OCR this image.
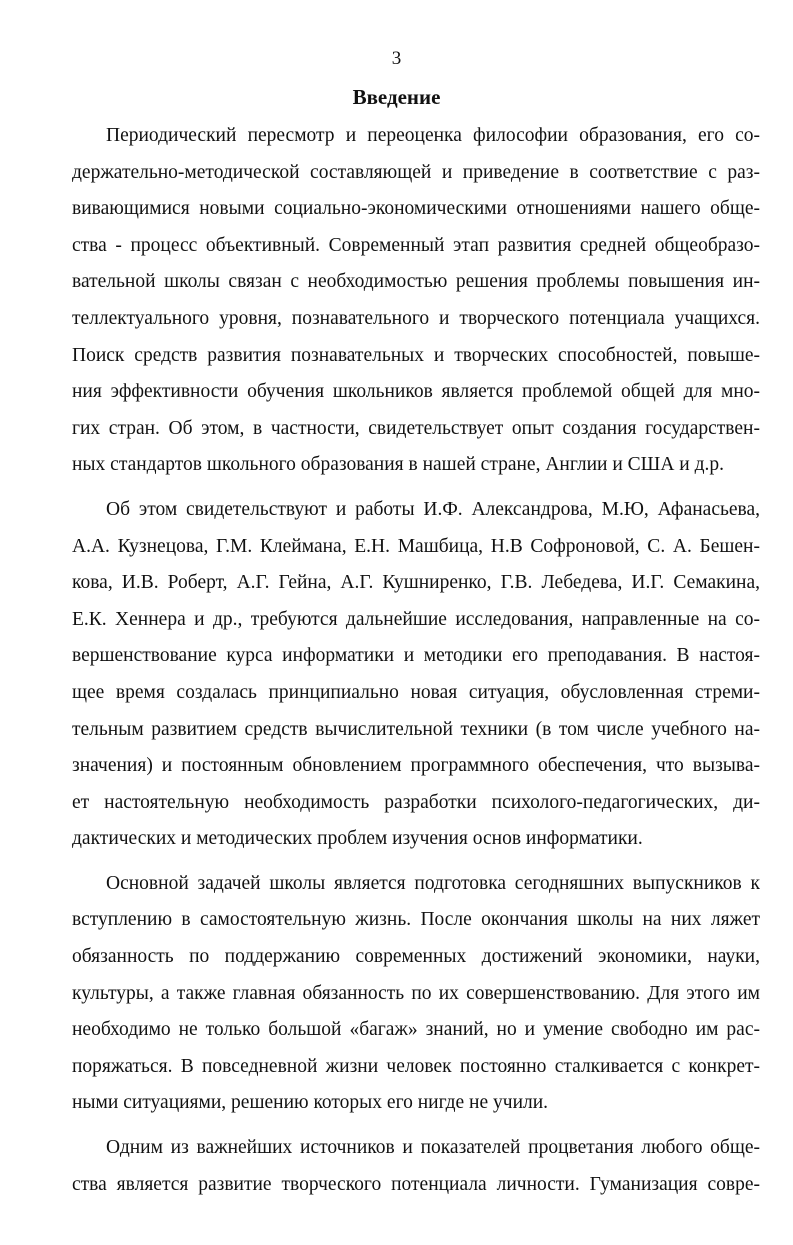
3
Введение
Периодический пересмотр и переоценка философии образования, его со-
держательно-методической составляющей и приведение в соответствие с раз-
вивающимися новыми социально-экономическими отношениями нашего обще-
ства - процесс объективный. Современный этап развития средней общеобразо-
вательной школы связан с необходимостью решения проблемы повышения ин-
теллектуального уровня, познавательного и творческого потенциала учащихся.
Поиск средств развития познавательных и творческих способностей, повыше-
ния эффективности обучения школьников является проблемой общей для мно-
гих стран. Об этом, в частности, свидетельствует опыт создания государствен-
ных стандартов школьного образования в нашей стране, Англии и США и д.р.
Об этом свидетельствуют и работы И.Ф. Александрова, М.Ю, Афанасьева,
А.А. Кузнецова, Г.М. Клеймана, Е.Н. Машбица, Н.В Софроновой, С. А. Бешен-
кова, И.В. Роберт, А.Г. Гейна, А.Г. Кушниренко, Г.В. Лебедева, И.Г. Семакина,
Е.К. Хеннера и др., требуются дальнейшие исследования, направленные на со-
вершенствование курса информатики и методики его преподавания. В настоя-
щее время создалась принципиально новая ситуация, обусловленная стреми-
тельным развитием средств вычислительной техники (в том числе учебного на-
значения) и постоянным обновлением программного обеспечения, что вызыва-
ет настоятельную необходимость разработки психолого-педагогических, ди-
дактических и методических проблем изучения основ информатики.
Основной задачей школы является подготовка сегодняшних выпускников к
вступлению в самостоятельную жизнь. После окончания школы на них ляжет
обязанность по поддержанию современных достижений экономики, науки,
культуры, а также главная обязанность по их совершенствованию. Для этого им
необходимо не только большой «багаж» знаний, но и умение свободно им рас-
поряжаться. В повседневной жизни человек постоянно сталкивается с конкрет-
ными ситуациями, решению которых его нигде не учили.
Одним из важнейших источников и показателей процветания любого обще-
ства является развитие творческого потенциала личности. Гуманизация совре-
